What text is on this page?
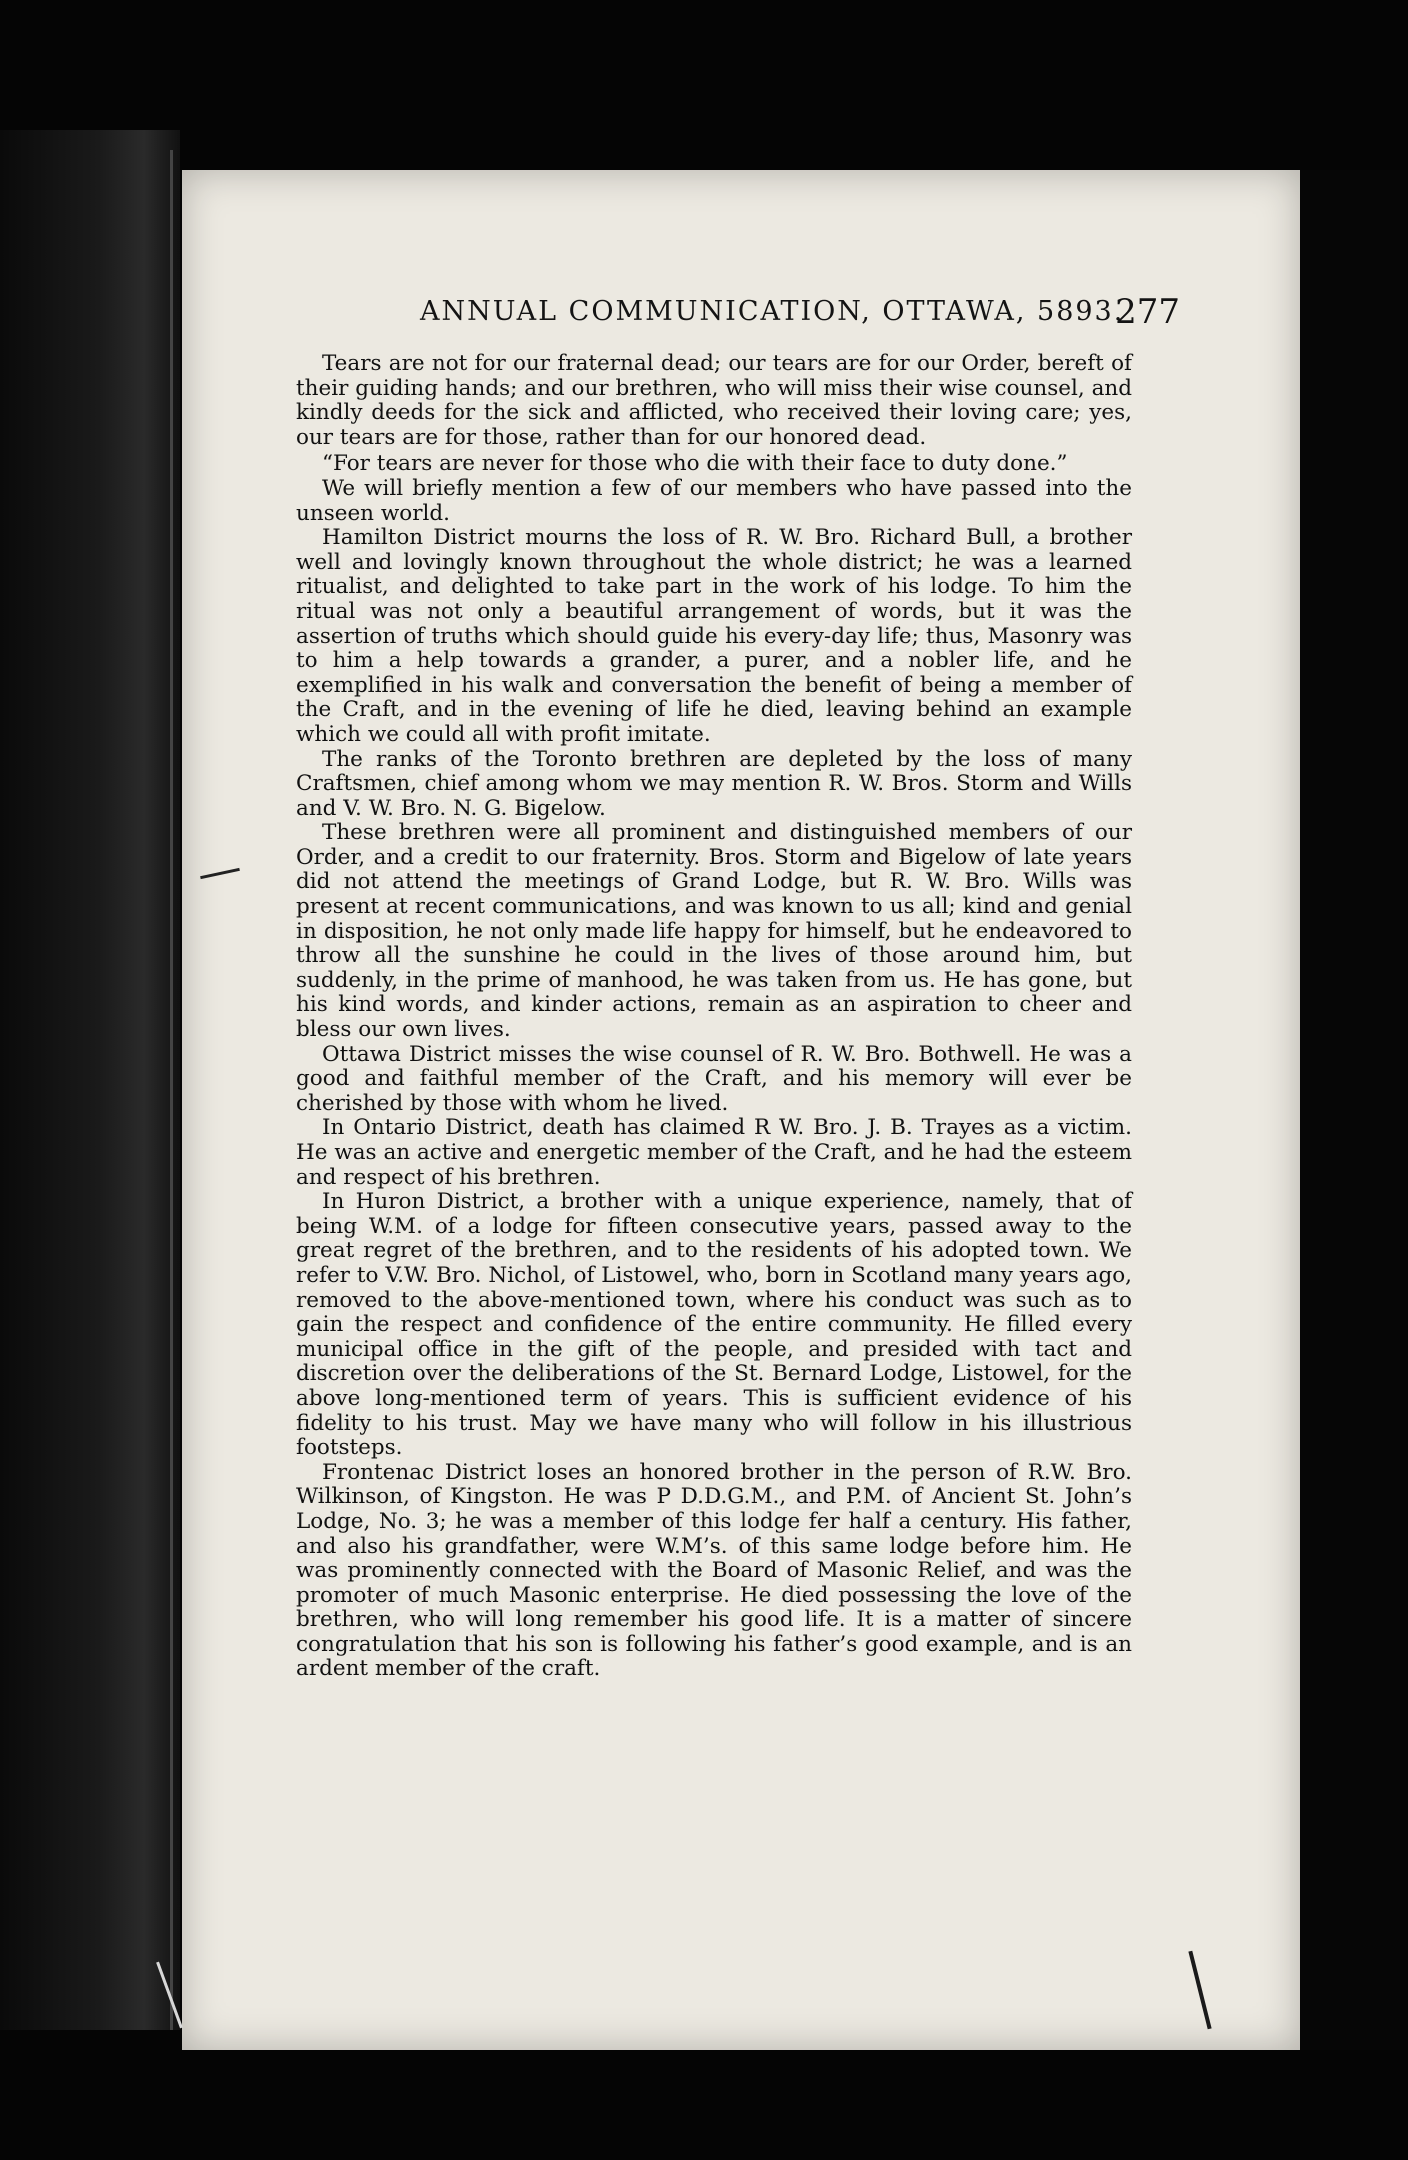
ANNUAL COMMUNICATION, OTTAWA, 5893.
277

Tears are not for our fraternal dead; our tears are for our Order, bereft of their guiding hands; and our brethren, who will miss their wise counsel, and kindly deeds for the sick and afflicted, who received their loving care; yes, our tears are for those, rather than for our honored dead.

“For tears are never for those who die with their face to duty done.”

We will briefly mention a few of our members who have passed into the unseen world.

Hamilton District mourns the loss of R. W. Bro. Richard Bull, a brother well and lovingly known throughout the whole district; he was a learned ritualist, and delighted to take part in the work of his lodge. To him the ritual was not only a beautiful arrangement of words, but it was the assertion of truths which should guide his every-day life; thus, Masonry was to him a help towards a grander, a purer, and a nobler life, and he exemplified in his walk and conversation the benefit of being a member of the Craft, and in the evening of life he died, leaving behind an example which we could all with profit imitate.

The ranks of the Toronto brethren are depleted by the loss of many Craftsmen, chief among whom we may mention R. W. Bros. Storm and Wills and V. W. Bro. N. G. Bigelow.

These brethren were all prominent and distinguished members of our Order, and a credit to our fraternity. Bros. Storm and Bigelow of late years did not attend the meetings of Grand Lodge, but R. W. Bro. Wills was present at recent communications, and was known to us all; kind and genial in disposition, he not only made life happy for himself, but he endeavored to throw all the sunshine he could in the lives of those around him, but suddenly, in the prime of manhood, he was taken from us. He has gone, but his kind words, and kinder actions, remain as an aspiration to cheer and bless our own lives.

Ottawa District misses the wise counsel of R. W. Bro. Bothwell. He was a good and faithful member of the Craft, and his memory will ever be cherished by those with whom he lived.

In Ontario District, death has claimed R W. Bro. J. B. Trayes as a victim. He was an active and energetic member of the Craft, and he had the esteem and respect of his brethren.

In Huron District, a brother with a unique experience, namely, that of being W.M. of a lodge for fifteen consecutive years, passed away to the great regret of the brethren, and to the residents of his adopted town. We refer to V.W. Bro. Nichol, of Listowel, who, born in Scotland many years ago, removed to the above-mentioned town, where his conduct was such as to gain the respect and confidence of the entire community. He filled every municipal office in the gift of the people, and presided with tact and discretion over the deliberations of the St. Bernard Lodge, Listowel, for the above long-mentioned term of years. This is sufficient evidence of his fidelity to his trust. May we have many who will follow in his illustrious footsteps.

Frontenac District loses an honored brother in the person of R.W. Bro. Wilkinson, of Kingston. He was P D.D.G.M., and P.M. of Ancient St. John’s Lodge, No. 3; he was a member of this lodge fer half a century. His father, and also his grandfather, were W.M’s. of this same lodge before him. He was prominently connected with the Board of Masonic Relief, and was the promoter of much Masonic enterprise. He died possessing the love of the brethren, who will long remember his good life. It is a matter of sincere congratulation that his son is following his father’s good example, and is an ardent member of the craft.
